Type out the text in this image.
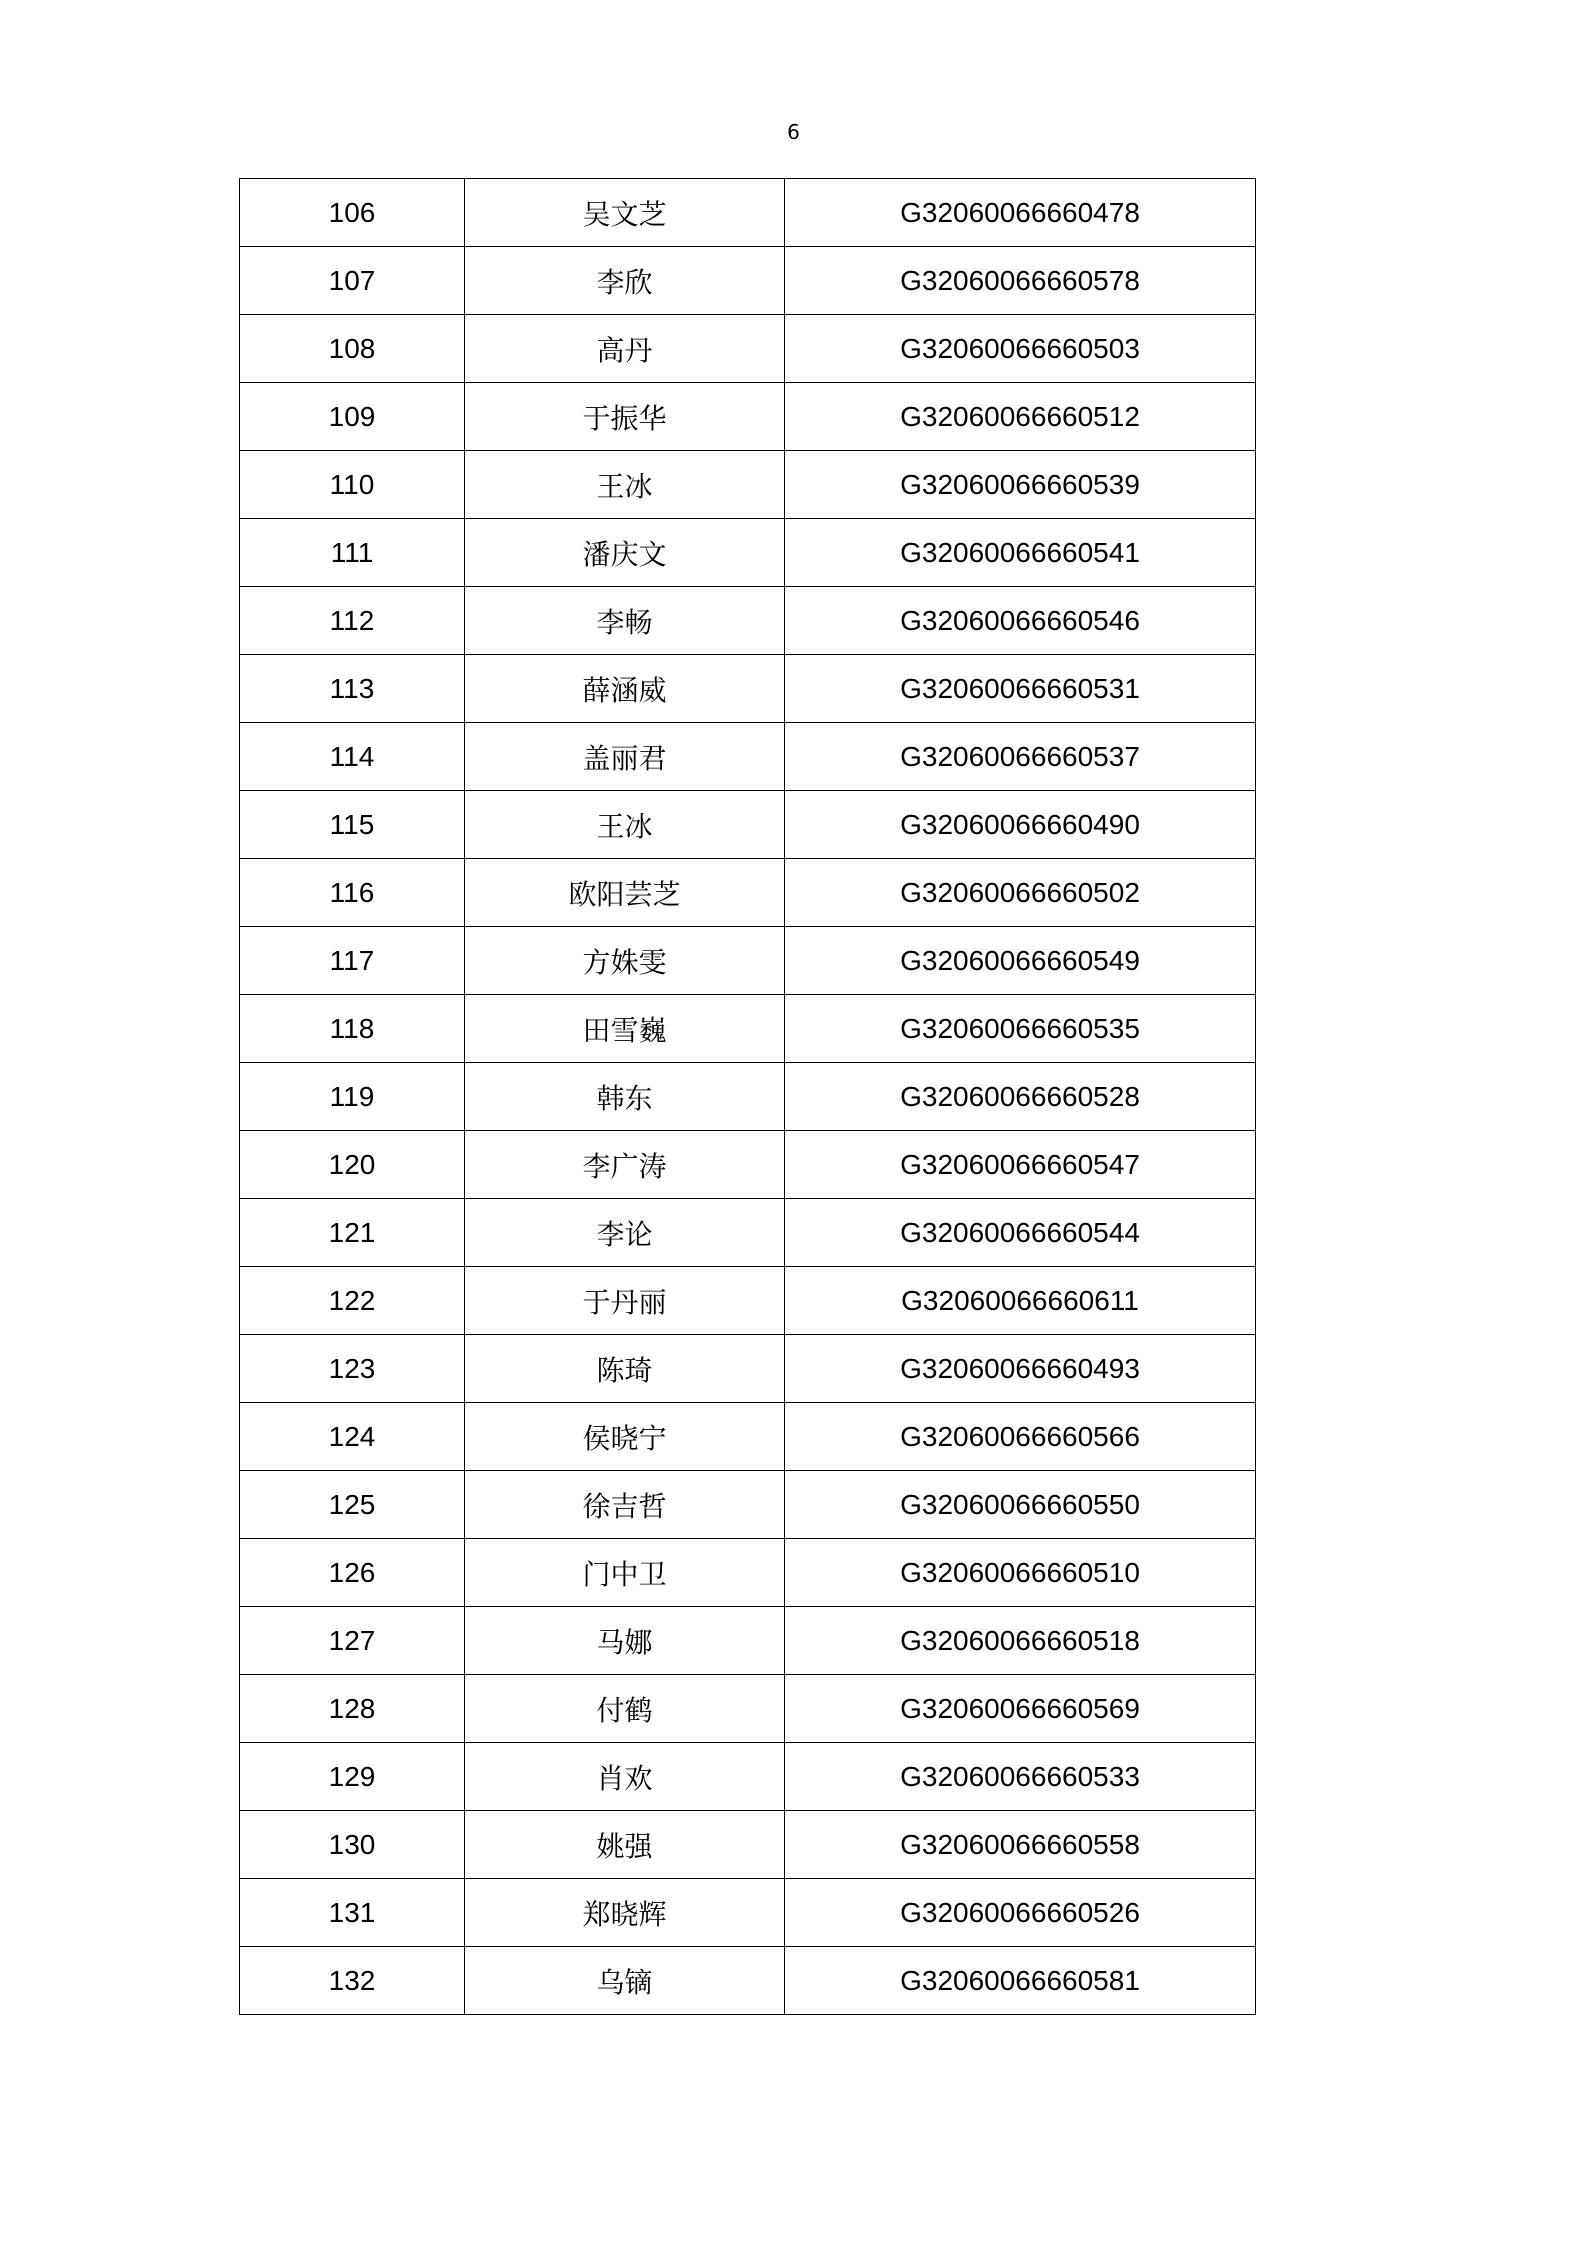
6
106	吴文芝	G32060066660478
107	李欣	G32060066660578
108	高丹	G32060066660503
109	于振华	G32060066660512
110	王冰	G32060066660539
111	潘庆文	G32060066660541
112	李畅	G32060066660546
113	薛涵威	G32060066660531
114	盖丽君	G32060066660537
115	王冰	G32060066660490
116	欧阳芸芝	G32060066660502
117	方姝雯	G32060066660549
118	田雪巍	G32060066660535
119	韩东	G32060066660528
120	李广涛	G32060066660547
121	李论	G32060066660544
122	于丹丽	G32060066660611
123	陈琦	G32060066660493
124	侯晓宁	G32060066660566
125	徐吉哲	G32060066660550
126	门中卫	G32060066660510
127	马娜	G32060066660518
128	付鹤	G32060066660569
129	肖欢	G32060066660533
130	姚强	G32060066660558
131	郑晓辉	G32060066660526
132	乌镝	G32060066660581
